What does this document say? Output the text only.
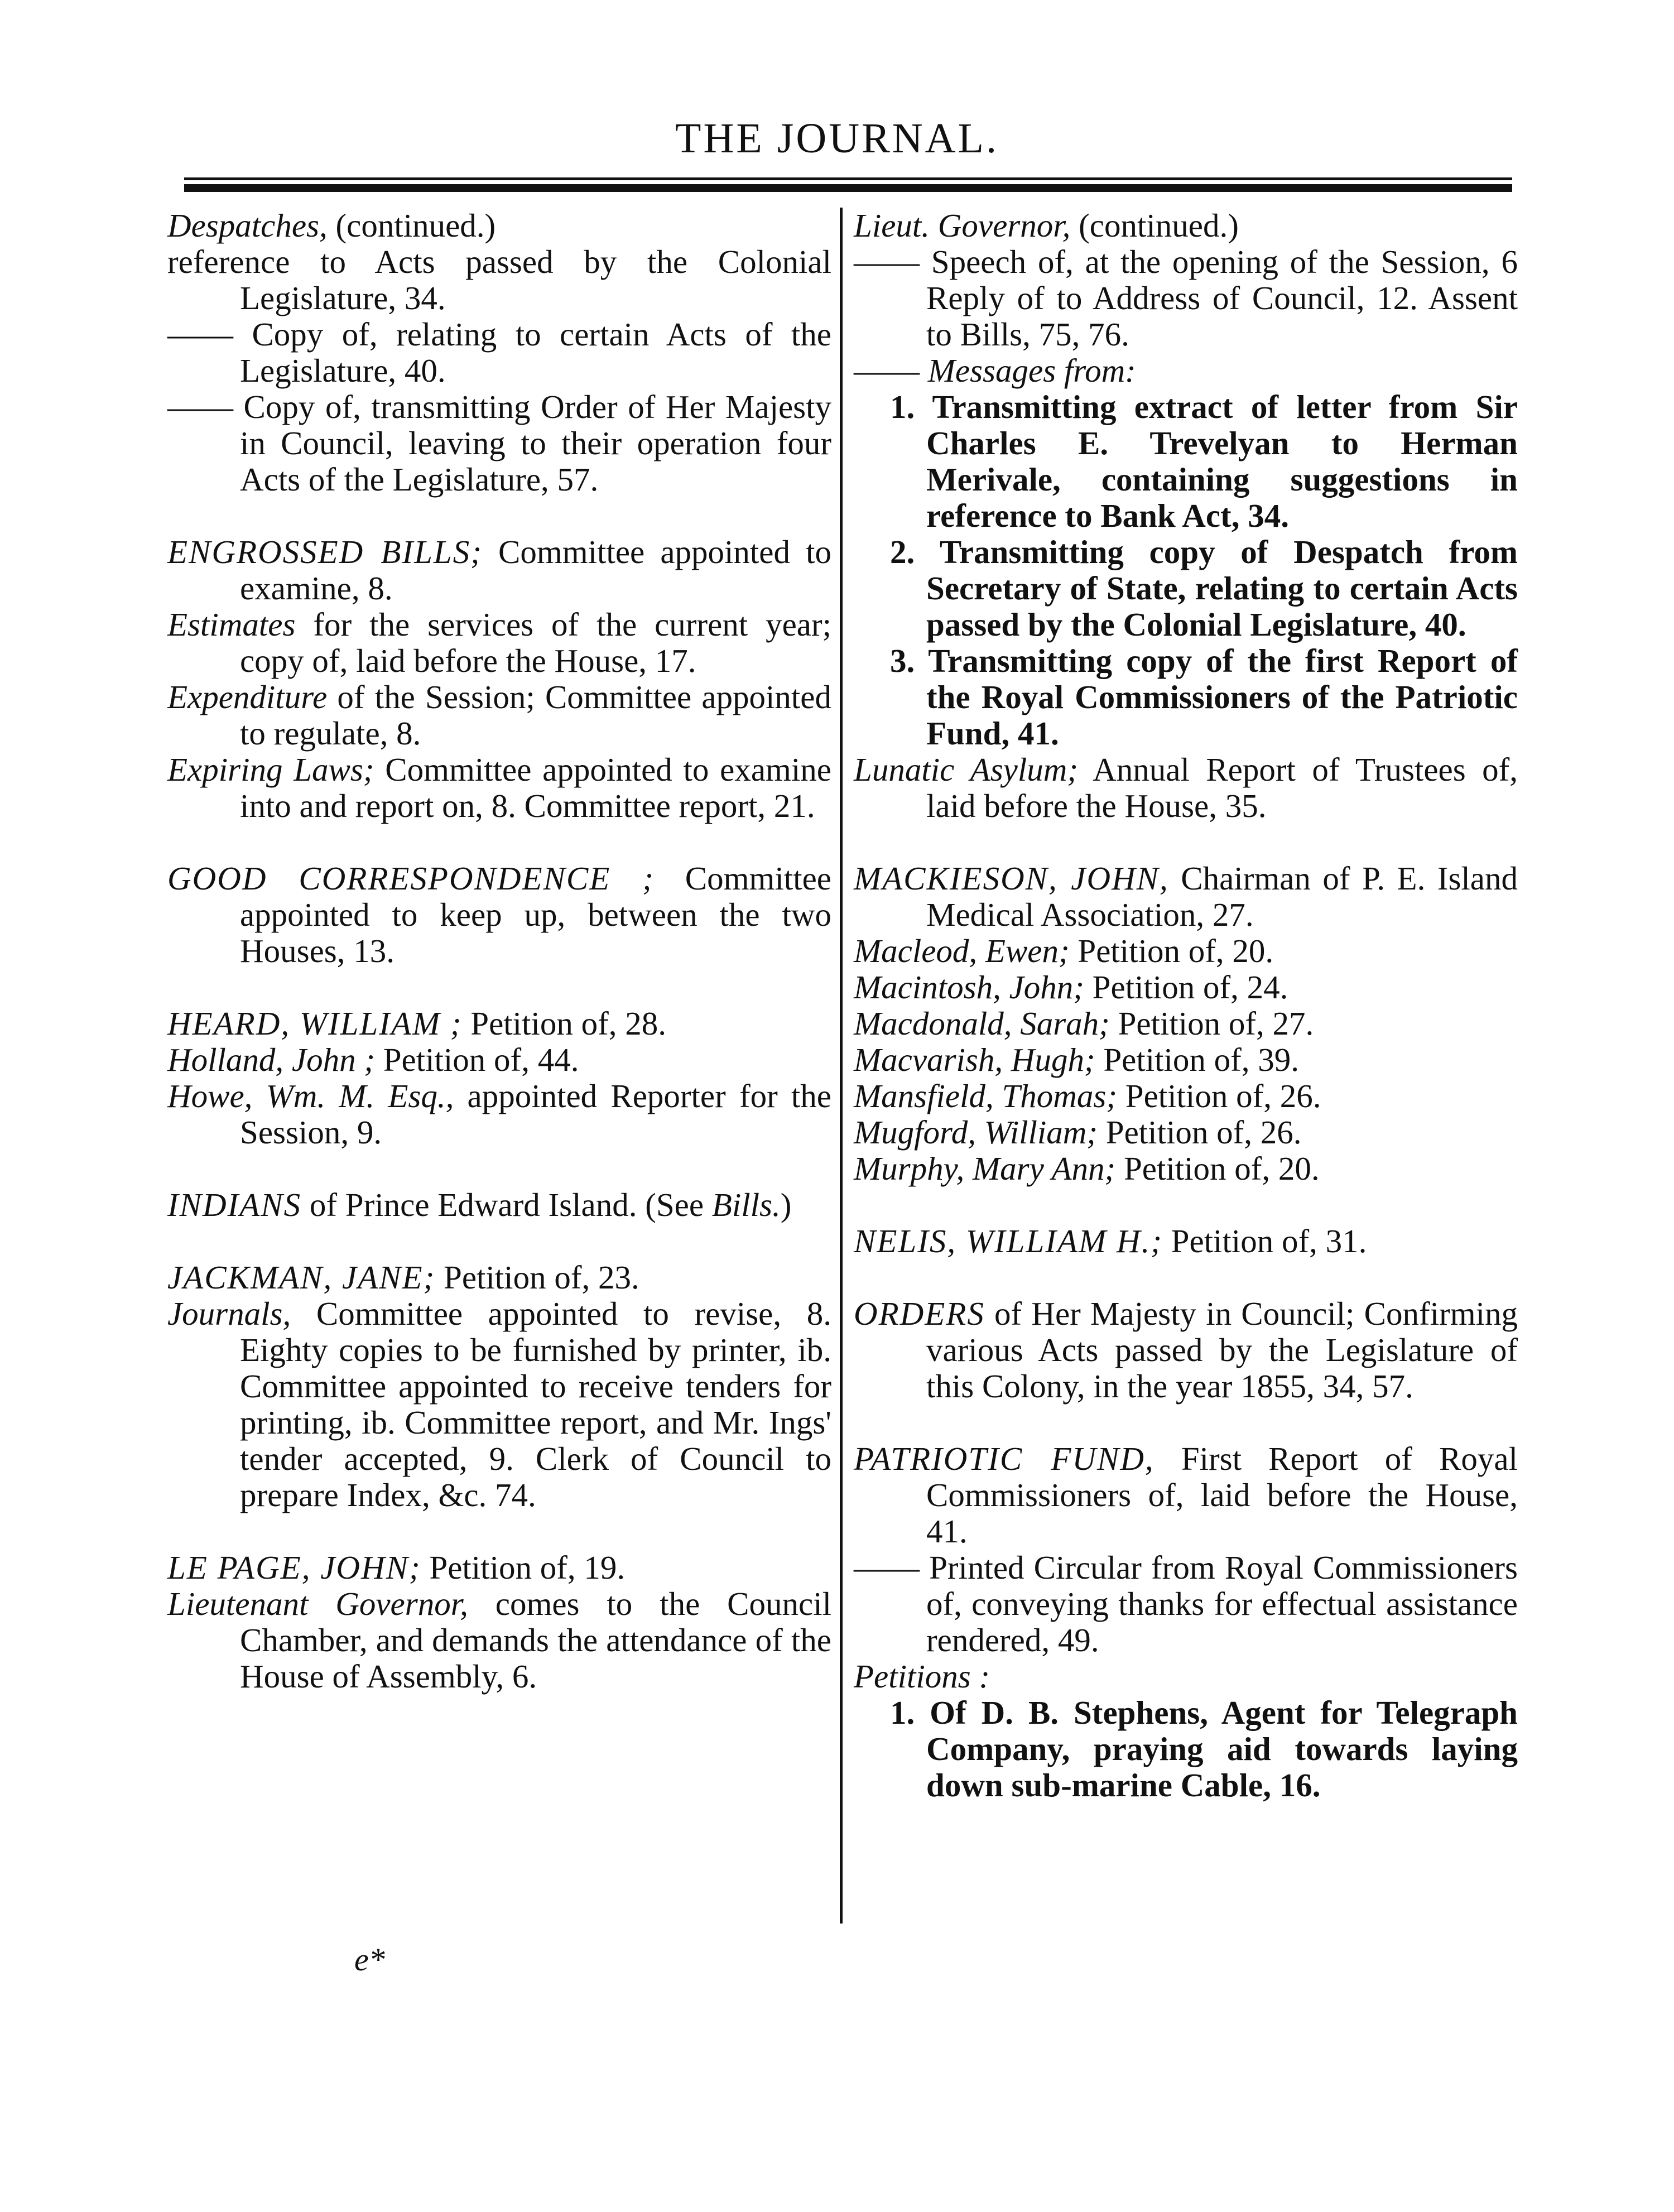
THE JOURNAL.

Despatches, (continued.)

reference to Acts passed by the Colonial Legislature, 34.

—— Copy of, relating to certain Acts of the Legislature, 40.

—— Copy of, transmitting Order of Her Majesty in Council, leaving to their operation four Acts of the Legislature, 57.

ENGROSSED BILLS; Committee appointed to examine, 8.

Estimates for the services of the current year; copy of, laid before the House, 17.

Expenditure of the Session; Committee appointed to regulate, 8.

Expiring Laws; Committee appointed to examine into and report on, 8. Committee report, 21.

GOOD CORRESPONDENCE ; Committee appointed to keep up, between the two Houses, 13.

HEARD, WILLIAM ; Petition of, 28.

Holland, John ; Petition of, 44.

Howe, Wm. M. Esq., appointed Reporter for the Session, 9.

INDIANS of Prince Edward Island. (See Bills.)

JACKMAN, JANE; Petition of, 23.

Journals, Committee appointed to revise, 8. Eighty copies to be furnished by printer, ib. Committee appointed to receive tenders for printing, ib. Committee report, and Mr. Ings' tender accepted, 9. Clerk of Council to prepare Index, &c. 74.

LE PAGE, JOHN; Petition of, 19.

Lieutenant Governor, comes to the Council Chamber, and demands the attendance of the House of Assembly, 6.

Lieut. Governor, (continued.)

—— Speech of, at the opening of the Session, 6 Reply of to Address of Council, 12. Assent to Bills, 75, 76.

—— Messages from:

1. Transmitting extract of letter from Sir Charles E. Trevelyan to Herman Merivale, containing suggestions in reference to Bank Act, 34.

2. Transmitting copy of Despatch from Secretary of State, relating to certain Acts passed by the Colonial Legislature, 40.

3. Transmitting copy of the first Report of the Royal Commissioners of the Patriotic Fund, 41.

Lunatic Asylum; Annual Report of Trustees of, laid before the House, 35.

MACKIESON, JOHN, Chairman of P. E. Island Medical Association, 27.

Macleod, Ewen; Petition of, 20.

Macintosh, John; Petition of, 24.

Macdonald, Sarah; Petition of, 27.

Macvarish, Hugh; Petition of, 39.

Mansfield, Thomas; Petition of, 26.

Mugford, William; Petition of, 26.

Murphy, Mary Ann; Petition of, 20.

NELIS, WILLIAM H.; Petition of, 31.

ORDERS of Her Majesty in Council; Confirming various Acts passed by the Legislature of this Colony, in the year 1855, 34, 57.

PATRIOTIC FUND, First Report of Royal Commissioners of, laid before the House, 41.

—— Printed Circular from Royal Commissioners of, conveying thanks for effectual assistance rendered, 49.

Petitions :

1. Of D. B. Stephens, Agent for Telegraph Company, praying aid towards laying down sub-marine Cable, 16.

e*
